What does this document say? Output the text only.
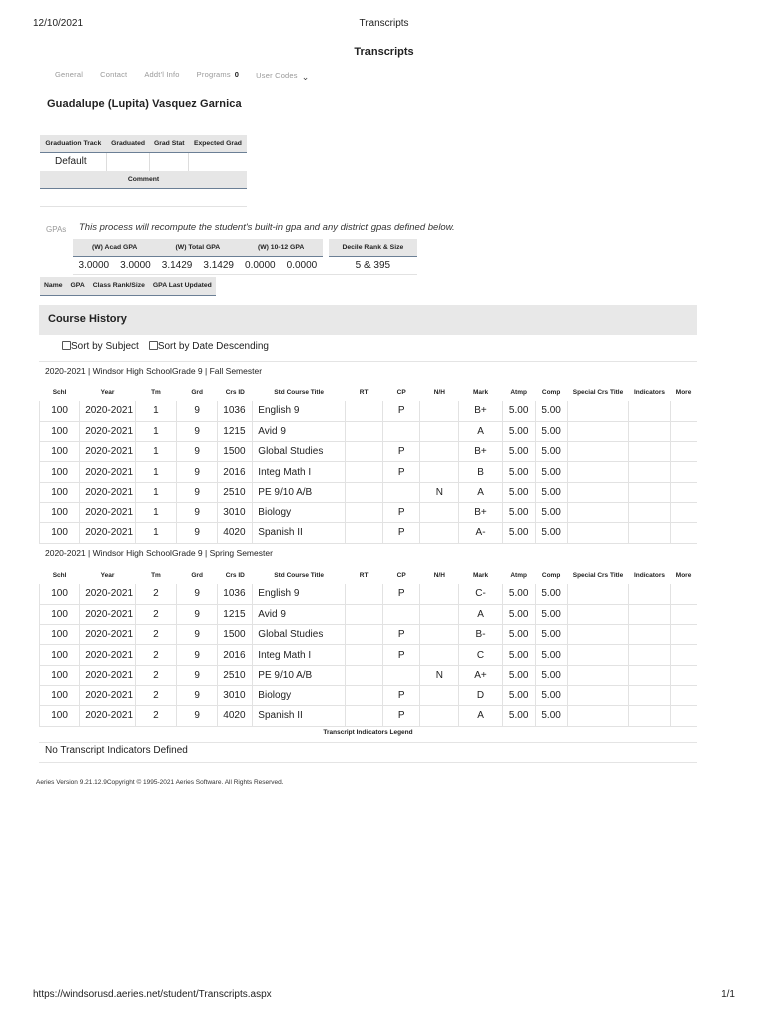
12/10/2021	Transcripts
Transcripts
General Contact Addt'l Info Programs 0 User Codes ⌄
Guadalupe (Lupita) Vasquez Garnica
Graduation Track	Graduated	Grad Stat	Expected Grad
Default			
Comment			

GPAs This process will recompute the student's built-in gpa and any district gpas defined below.
(W) Acad GPA		(W) Total GPA		(W) 10-12 GPA			Decile Rank & Size
3.0000	3.0000	3.1429	3.1429	0.0000	0.0000		5 & 395
Name	GPA	Class Rank/Size	GPA Last Updated
Course History
Sort by Subject	Sort by Date Descending
2020-2021 | Windsor High SchoolGrade 9 | Fall Semester
Schl	Year	Tm	Grd	Crs ID	Std Course Title	RT	CP	N/H	Mark	Atmp	Comp	Special Crs Title	Indicators	More
100	2020-2021	1	9	1036	English 9		P		B+	5.00	5.00			
100	2020-2021	1	9	1215	Avid 9				A	5.00	5.00			
100	2020-2021	1	9	1500	Global Studies		P		B+	5.00	5.00			
100	2020-2021	1	9	2016	Integ Math I		P		B	5.00	5.00			
100	2020-2021	1	9	2510	PE 9/10 A/B			N	A	5.00	5.00			
100	2020-2021	1	9	3010	Biology		P		B+	5.00	5.00			
100	2020-2021	1	9	4020	Spanish II		P		A-	5.00	5.00			
2020-2021 | Windsor High SchoolGrade 9 | Spring Semester
Schl	Year	Tm	Grd	Crs ID	Std Course Title	RT	CP	N/H	Mark	Atmp	Comp	Special Crs Title	Indicators	More
100	2020-2021	2	9	1036	English 9		P		C-	5.00	5.00			
100	2020-2021	2	9	1215	Avid 9				A	5.00	5.00			
100	2020-2021	2	9	1500	Global Studies		P		B-	5.00	5.00			
100	2020-2021	2	9	2016	Integ Math I		P		C	5.00	5.00			
100	2020-2021	2	9	2510	PE 9/10 A/B			N	A+	5.00	5.00			
100	2020-2021	2	9	3010	Biology		P		D	5.00	5.00			
100	2020-2021	2	9	4020	Spanish II		P		A	5.00	5.00			
Transcript Indicators Legend
No Transcript Indicators Defined
Aeries Version 9.21.12.9Copyright © 1995-2021 Aeries Software. All Rights Reserved.
https://windsorusd.aeries.net/student/Transcripts.aspx	1/1
